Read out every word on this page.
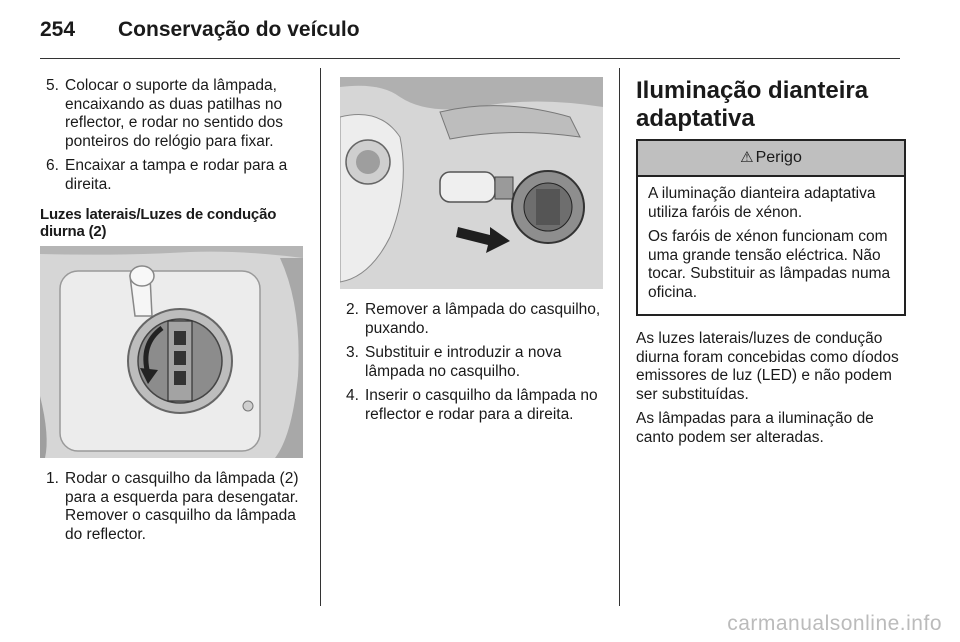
254 Conservação do veículo
5. Colocar o suporte da lâmpada, encaixando as duas patilhas no reflector, e rodar no sentido dos ponteiros do relógio para fixar.
6. Encaixar a tampa e rodar para a direita.
Luzes laterais/Luzes de condução diurna (2)
1. Rodar o casquilho da lâmpada (2) para a esquerda para desengatar. Remover o casquilho da lâmpada do reflector.
2. Remover a lâmpada do casquilho, puxando.
3. Substituir e introduzir a nova lâmpada no casquilho.
4. Inserir o casquilho da lâmpada no reflector e rodar para a direita.
Iluminação dianteira adaptativa
⚠ Perigo

A iluminação dianteira adaptativa utiliza faróis de xénon.

Os faróis de xénon funcionam com uma grande tensão eléctrica. Não tocar. Substituir as lâmpadas numa oficina.

As luzes laterais/luzes de condução diurna foram concebidas como díodos emissores de luz (LED) e não podem ser substituídas.

As lâmpadas para a iluminação de canto podem ser alteradas.

carmanualsonline.info
